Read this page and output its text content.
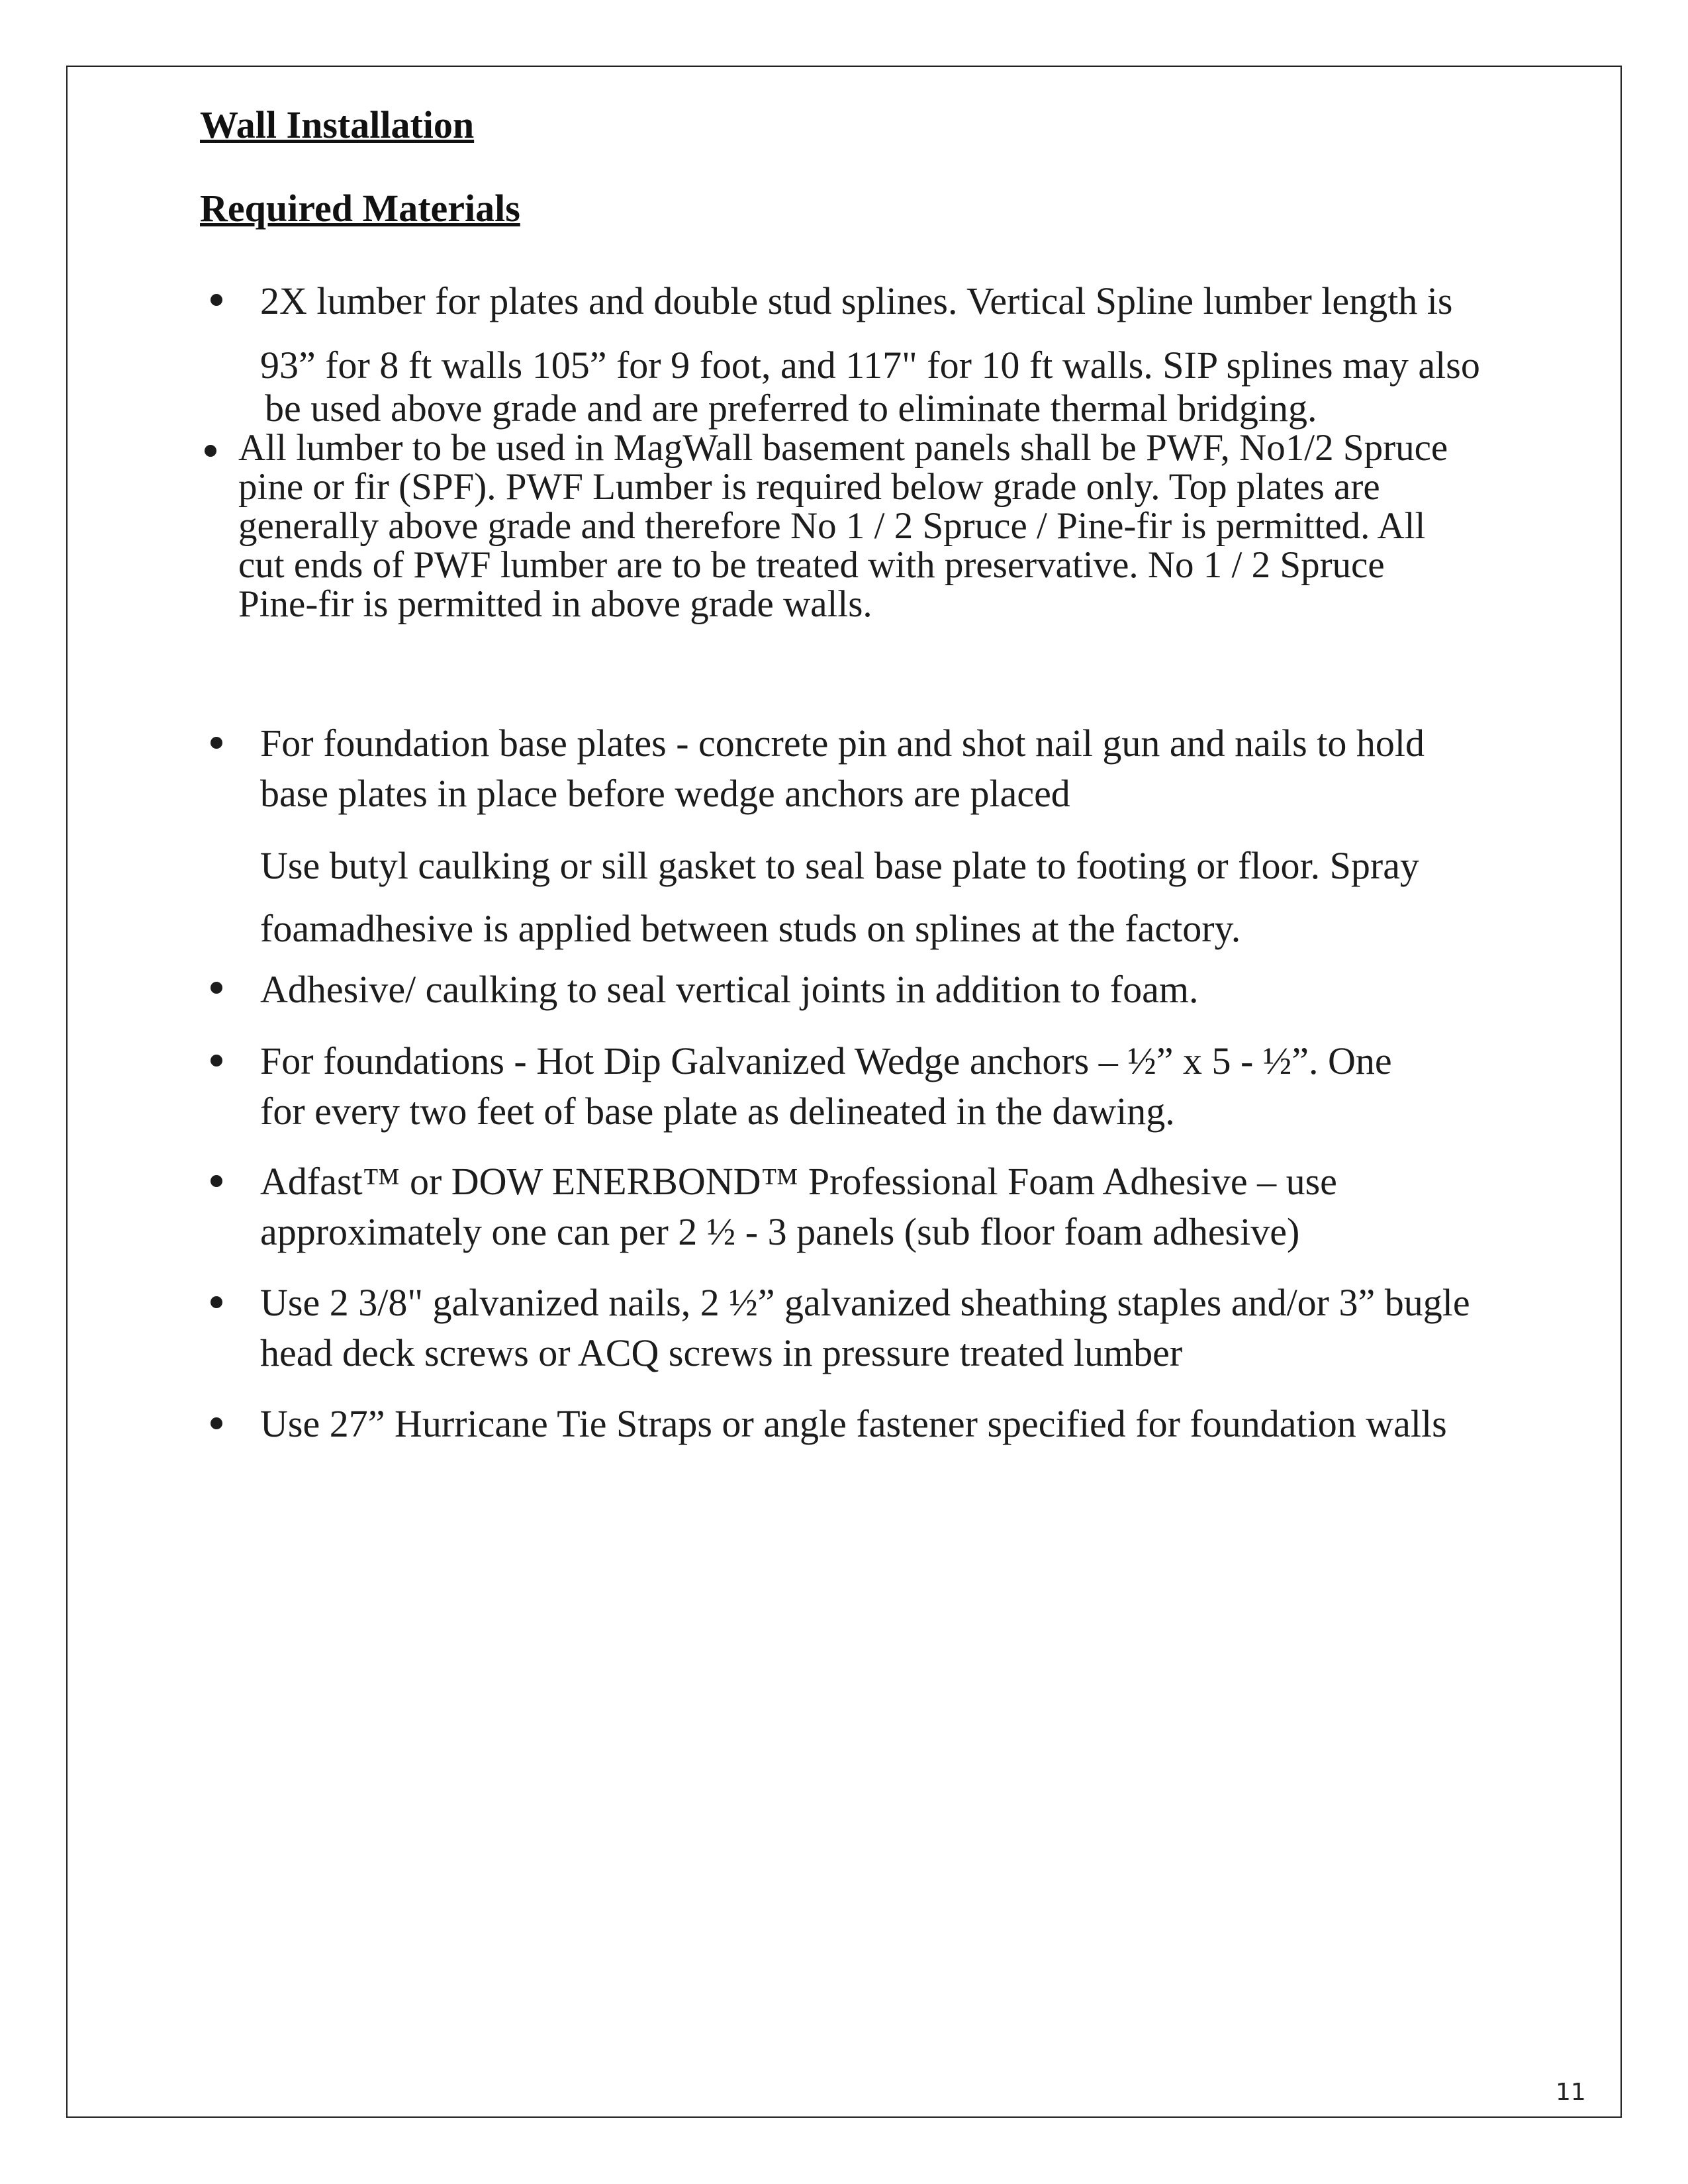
Wall Installation
Required Materials
2X lumber for plates and double stud splines. Vertical Spline lumber length is
93” for 8 ft walls 105” for 9 foot, and 117" for 10 ft walls. SIP splines may also
be used above grade and are preferred to eliminate thermal bridging.
All lumber to be used in MagWall basement panels shall be PWF, No1/2 Spruce
pine or fir (SPF). PWF Lumber is required below grade only. Top plates are
generally above grade and therefore No 1 / 2 Spruce / Pine-fir is permitted. All
cut ends of PWF lumber are to be treated with preservative. No 1 / 2 Spruce
Pine-fir is permitted in above grade walls.
For foundation base plates - concrete pin and shot nail gun and nails to hold
base plates in place before wedge anchors are placed
Use butyl caulking or sill gasket to seal base plate to footing or floor. Spray
foamadhesive is applied between studs on splines at the factory.
Adhesive/ caulking to seal vertical joints in addition to foam.
For foundations - Hot Dip Galvanized Wedge anchors – ½” x 5 - ½”. One
for every two feet of base plate as delineated in the dawing.
Adfast™ or DOW ENERBOND™ Professional Foam Adhesive – use
approximately one can per 2 ½ - 3 panels (sub floor foam adhesive)
Use 2 3/8" galvanized nails, 2 ½” galvanized sheathing staples and/or 3” bugle
head deck screws or ACQ screws in pressure treated lumber
Use 27” Hurricane Tie Straps or angle fastener specified for foundation walls
11
